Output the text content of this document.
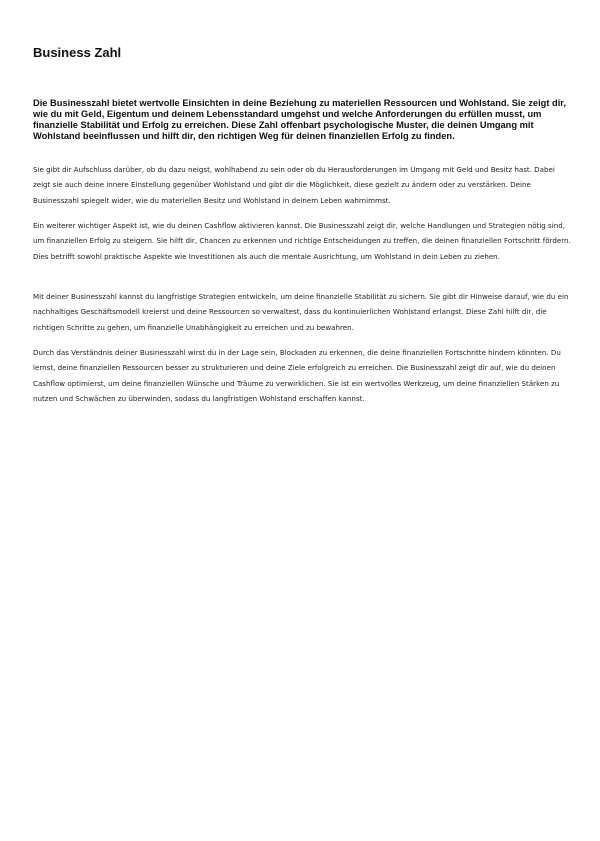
Business Zahl

Die Businesszahl bietet wertvolle Einsichten in deine Beziehung zu materiellen Ressourcen und Wohlstand. Sie zeigt dir, wie du mit Geld, Eigentum und deinem Lebensstandard umgehst und welche Anforderungen du erfüllen musst, um finanzielle Stabilität und Erfolg zu erreichen. Diese Zahl offenbart psychologische Muster, die deinen Umgang mit Wohlstand beeinflussen und hilft dir, den richtigen Weg für deinen finanziellen Erfolg zu finden.

Sie gibt dir Aufschluss darüber, ob du dazu neigst, wohlhabend zu sein oder ob du Herausforderungen im Umgang mit Geld und Besitz hast. Dabei zeigt sie auch deine innere Einstellung gegenüber Wohlstand und gibt dir die Möglichkeit, diese gezielt zu ändern oder zu verstärken. Deine Businesszahl spiegelt wider, wie du materiellen Besitz und Wohlstand in deinem Leben wahrnimmst.

Ein weiterer wichtiger Aspekt ist, wie du deinen Cashflow aktivieren kannst. Die Businesszahl zeigt dir, welche Handlungen und Strategien nötig sind, um finanziellen Erfolg zu steigern. Sie hilft dir, Chancen zu erkennen und richtige Entscheidungen zu treffen, die deinen finanziellen Fortschritt fördern. Dies betrifft sowohl praktische Aspekte wie Investitionen als auch die mentale Ausrichtung, um Wohlstand in dein Leben zu ziehen.

Mit deiner Businesszahl kannst du langfristige Strategien entwickeln, um deine finanzielle Stabilität zu sichern. Sie gibt dir Hinweise darauf, wie du ein nachhaltiges Geschäftsmodell kreierst und deine Ressourcen so verwaltest, dass du kontinuierlichen Wohlstand erlangst. Diese Zahl hilft dir, die richtigen Schritte zu gehen, um finanzielle Unabhängigkeit zu erreichen und zu bewahren.

Durch das Verständnis deiner Businesszahl wirst du in der Lage sein, Blockaden zu erkennen, die deine finanziellen Fortschritte hindern könnten. Du lernst, deine finanziellen Ressourcen besser zu strukturieren und deine Ziele erfolgreich zu erreichen. Die Businesszahl zeigt dir auf, wie du deinen Cashflow optimierst, um deine finanziellen Wünsche und Träume zu verwirklichen. Sie ist ein wertvolles Werkzeug, um deine finanziellen Stärken zu nutzen und Schwächen zu überwinden, sodass du langfristigen Wohlstand erschaffen kannst.
